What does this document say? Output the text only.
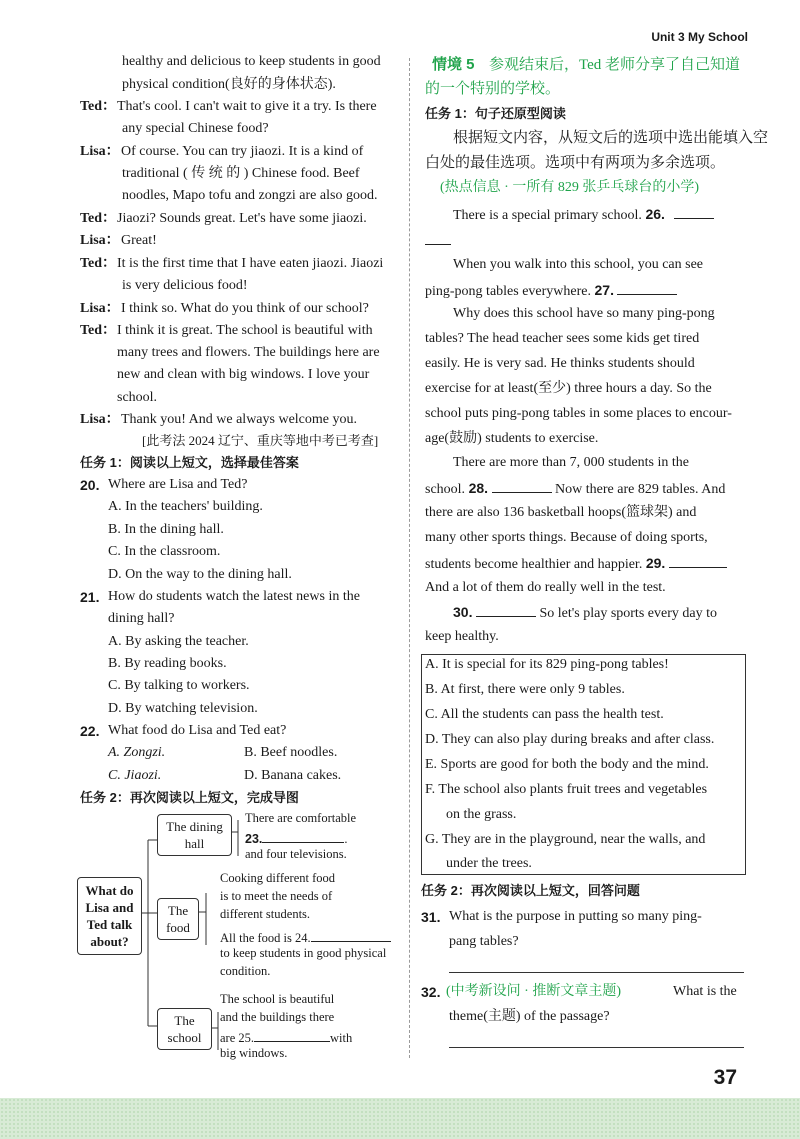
Unit 3 My School
healthy and delicious to keep students in good
physical condition(良好的身体状态).
Ted： That's cool. I can't wait to give it a try. Is there
any special Chinese food?
Lisa： Of course. You can try jiaozi. It is a kind of
traditional ( 传 统 的 ) Chinese food. Beef
noodles, Mapo tofu and zongzi are also good.
Ted： Jiaozi? Sounds great. Let's have some jiaozi.
Lisa： Great!
Ted： It is the first time that I have eaten jiaozi. Jiaozi
is very delicious food!
Lisa： I think so. What do you think of our school?
Ted： I think it is great. The school is beautiful with
many trees and flowers. The buildings here are
new and clean with big windows. I love your
school.
Lisa： Thank you! And we always welcome you.
[此考法 2024 辽宁、重庆等地中考已考查]
任务 1：阅读以上短文，选择最佳答案
20. Where are Lisa and Ted?
A. In the teachers' building.
B. In the dining hall.
C. In the classroom.
D. On the way to the dining hall.
21. How do students watch the latest news in the
dining hall?
A. By asking the teacher.
B. By reading books.
C. By talking to workers.
D. By watching television.
22. What food do Lisa and Ted eat?
A. Zongzi.	B. Beef noodles.
C. Jiaozi.	D. Banana cakes.
任务 2：再次阅读以上短文，完成导图
What do Lisa and Ted talk about?
The dining hall
The food
The school
There are comfortable
23.	.
and four televisions.
Cooking different food
is to meet the needs of
different students.
All the food is 24.
to keep students in good physical
condition.
The school is beautiful
and the buildings there
are 25.	with
big windows.
情境 5 参观结束后，Ted 老师分享了自己知道
的一个特别的学校。
任务 1：句子还原型阅读
根据短文内容，从短文后的选项中选出能填入空
白处的最佳选项。选项中有两项为多余选项。
(热点信息 · 一所有 829 张乒乓球台的小学)
There is a special primary school. 26.
When you walk into this school, you can see
ping-pong tables everywhere. 27.
Why does this school have so many ping-pong
tables? The head teacher sees some kids get tired
easily. He is very sad. He thinks students should
exercise for at least(至少) three hours a day. So the
school puts ping-pong tables in some places to encour-
age(鼓励) students to exercise.
There are more than 7, 000 students in the
school. 28.	Now there are 829 tables. And
there are also 136 basketball hoops(篮球架) and
many other sports things. Because of doing sports,
students become healthier and happier. 29.
And a lot of them do really well in the test.
30.	So let's play sports every day to
keep healthy.
A. It is special for its 829 ping-pong tables!
B. At first, there were only 9 tables.
C. All the students can pass the health test.
D. They can also play during breaks and after class.
E. Sports are good for both the body and the mind.
F. The school also plants fruit trees and vegetables
on the grass.
G. They are in the playground, near the walls, and
under the trees.
任务 2：再次阅读以上短文，回答问题
31. What is the purpose in putting so many ping-
pang tables?
32. (中考新设问 · 推断文章主题)	What is the
theme(主题) of the passage?
37
